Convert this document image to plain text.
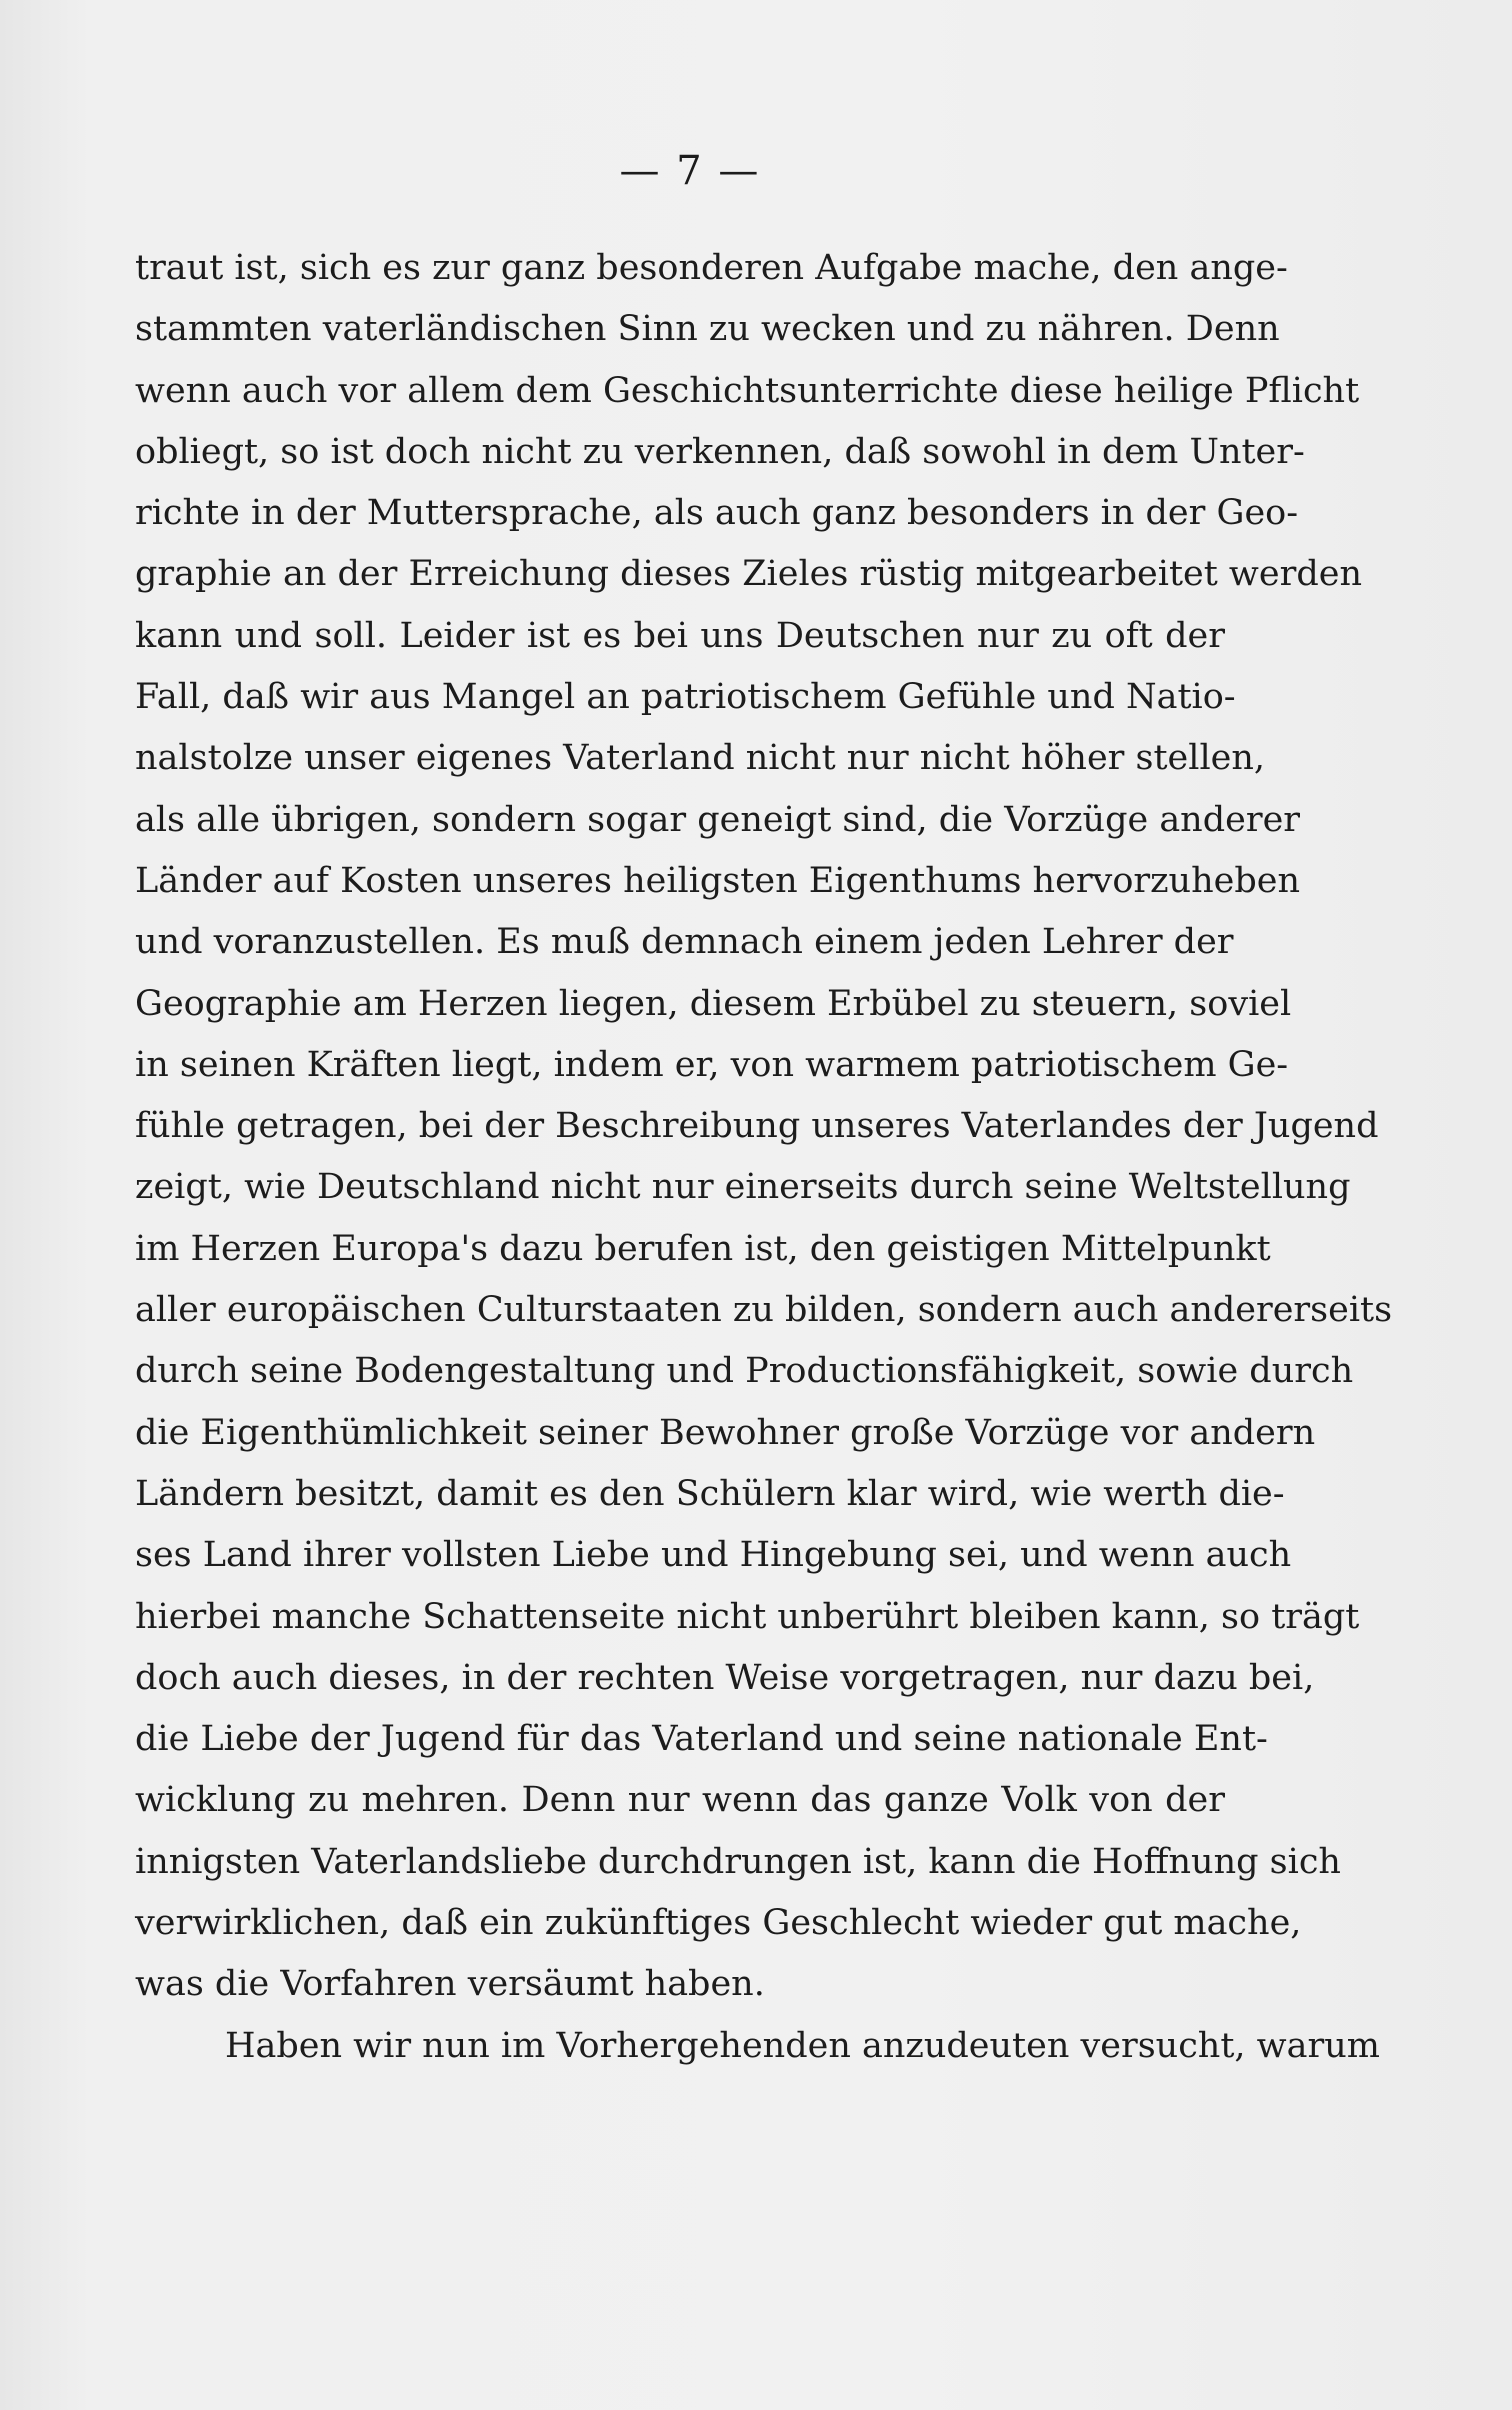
— 7 —
traut ist, sich es zur ganz besonderen Aufgabe mache, den ange-
stammten vaterländischen Sinn zu wecken und zu nähren. Denn
wenn auch vor allem dem Geschichtsunterrichte diese heilige Pflicht
obliegt, so ist doch nicht zu verkennen, daß sowohl in dem Unter-
richte in der Muttersprache, als auch ganz besonders in der Geo-
graphie an der Erreichung dieses Zieles rüstig mitgearbeitet werden
kann und soll. Leider ist es bei uns Deutschen nur zu oft der
Fall, daß wir aus Mangel an patriotischem Gefühle und Natio-
nalstolze unser eigenes Vaterland nicht nur nicht höher stellen,
als alle übrigen, sondern sogar geneigt sind, die Vorzüge anderer
Länder auf Kosten unseres heiligsten Eigenthums hervorzuheben
und voranzustellen. Es muß demnach einem jeden Lehrer der
Geographie am Herzen liegen, diesem Erbübel zu steuern, soviel
in seinen Kräften liegt, indem er, von warmem patriotischem Ge-
fühle getragen, bei der Beschreibung unseres Vaterlandes der Jugend
zeigt, wie Deutschland nicht nur einerseits durch seine Weltstellung
im Herzen Europa's dazu berufen ist, den geistigen Mittelpunkt
aller europäischen Culturstaaten zu bilden, sondern auch andererseits
durch seine Bodengestaltung und Productionsfähigkeit, sowie durch
die Eigenthümlichkeit seiner Bewohner große Vorzüge vor andern
Ländern besitzt, damit es den Schülern klar wird, wie werth die-
ses Land ihrer vollsten Liebe und Hingebung sei, und wenn auch
hierbei manche Schattenseite nicht unberührt bleiben kann, so trägt
doch auch dieses, in der rechten Weise vorgetragen, nur dazu bei,
die Liebe der Jugend für das Vaterland und seine nationale Ent-
wicklung zu mehren. Denn nur wenn das ganze Volk von der
innigsten Vaterlandsliebe durchdrungen ist, kann die Hoffnung sich
verwirklichen, daß ein zukünftiges Geschlecht wieder gut mache,
was die Vorfahren versäumt haben.
Haben wir nun im Vorhergehenden anzudeuten versucht, warum
